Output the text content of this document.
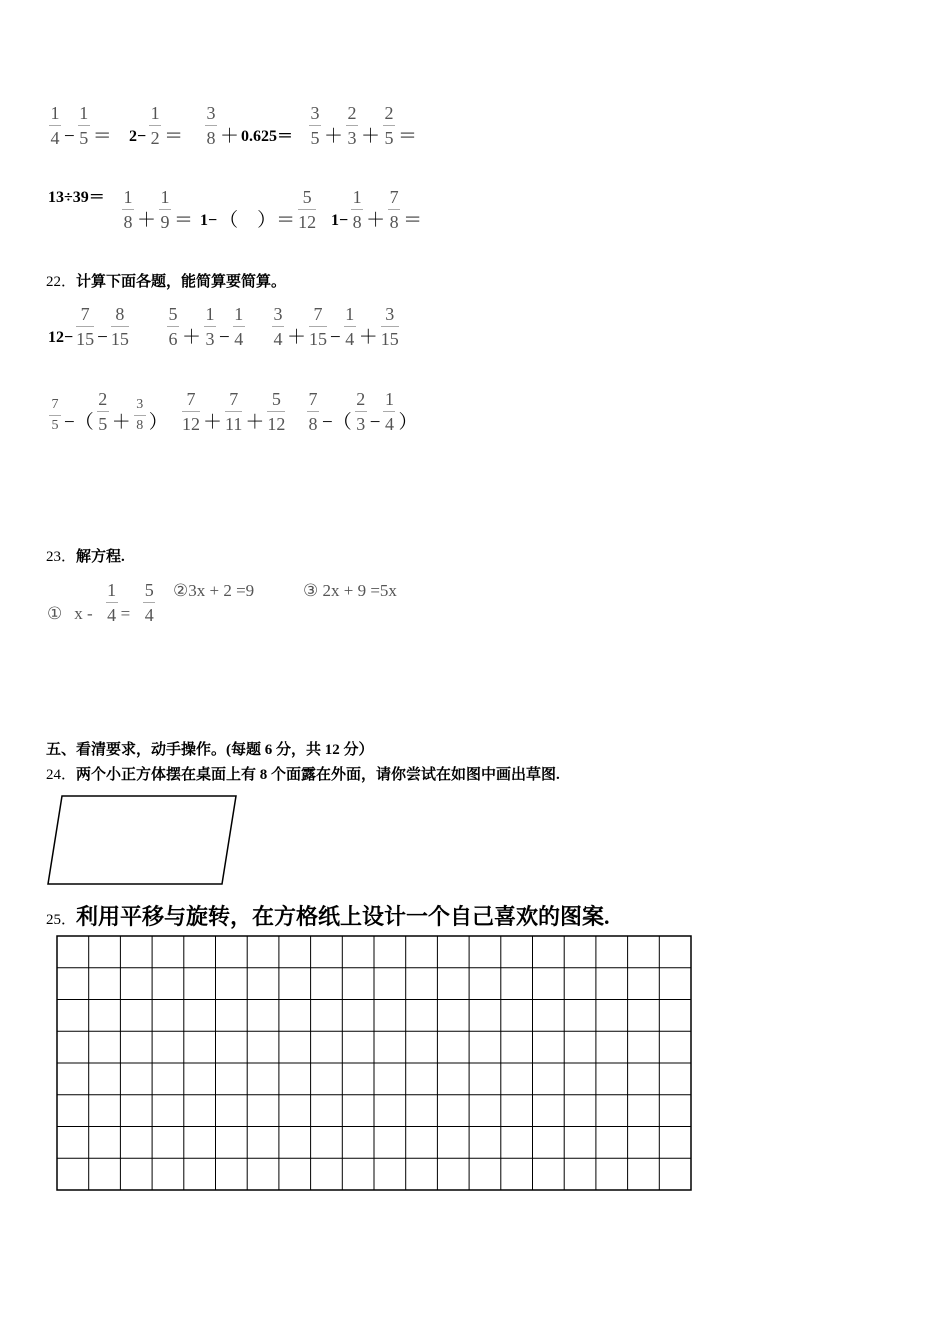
$\frac{1}{4} - \frac{1}{5} = 2- \frac{1}{2} = \frac{3}{8} + 0.625= \frac{3}{5} + \frac{2}{3} + \frac{2}{5}$ ＝
$13\div 39= \frac{1}{8} + \frac{1}{9} = 1-$ （　）＝ $\frac{5}{12} 1- \frac{1}{8} + \frac{7}{8}$ ＝
$12- \frac{7}{15} - \frac{8}{15} \frac{5}{6} + \frac{1}{3} - \frac{1}{4} \frac{3}{4} + \frac{7}{15} - \frac{1}{4} + \frac{3}{15}$
$\frac{7}{5}$ −（ $\frac{2}{5} + \frac{3}{8}$ ） $\frac{7}{12} + \frac{7}{11} + \frac{5}{12} \frac{7}{8}$ −（ $\frac{2}{3} - \frac{1}{4}$ ）
① $x - \frac{1}{4} = \frac{5}{4}$ ②3x + 2 =9	③ 2x + 9 =5x
22．计算下面各题，能简算要简算。
23．解方程.
五、看清要求，动手操作。(每题 6 分，共 12 分）
24．两个小正方体摆在桌面上有 8 个面露在外面，请你尝试在如图中画出草图.
25．利用平移与旋转，在方格纸上设计一个自己喜欢的图案.
